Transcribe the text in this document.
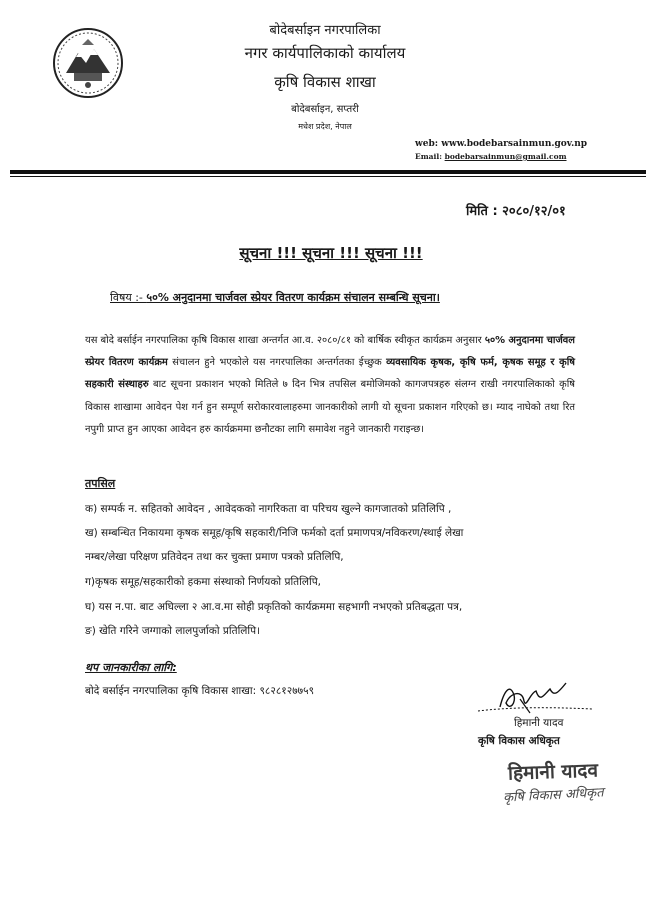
बोदेबर्साइन नगरपालिका
नगर कार्यपालिकाको कार्यालय
कृषि विकास शाखा
बोदेबर्साइन, सप्तरी
मधेश प्रदेश, नेपाल
web: www.bodebarsainmun.gov.np
Email: bodebarsainmun@gmail.com
मिति : २०८०/१२/०१
सूचना !!! सूचना !!! सूचना !!!
विषय :- ५०% अनुदानमा चार्जवल स्प्रेयर वितरण कार्यक्रम संचालन सम्बन्धि सूचना।
यस बोदे बर्साईन नगरपालिका कृषि विकास शाखा अन्तर्गत आ.व. २०८०/८१ को बार्षिक स्वीकृत कार्यक्रम अनुसार ५०% अनुदानमा चार्जवल स्प्रेयर वितरण कार्यक्रम संचालन हुने भएकोले यस नगरपालिका अन्तर्गतका ईच्छुक व्यवसायिक कृषक, कृषि फर्म, कृषक समूह र कृषि सहकारी संस्थाहरु बाट सूचना प्रकाशन भएको मितिले ७ दिन भित्र तपसिल बमोजिमको कागजपत्रहरु संलग्न राखी नगरपालिकाको कृषि विकास शाखामा आवेदन पेश गर्न हुन सम्पूर्ण सरोकारवालाहरुमा जानकारीको लागी यो सूचना प्रकाशन गरिएको छ। म्याद नाघेको तथा रित नपुगी प्राप्त हुन आएका आवेदन हरु कार्यक्रममा छनौटका लागि समावेश नहुने जानकारी गराइन्छ।
तपसिल
क) सम्पर्क न. सहितको आवेदन , आवेदकको नागरिकता वा परिचय खुल्ने कागजातको प्रतिलिपि ,
ख) सम्बन्धित निकायमा कृषक समूह/कृषि सहकारी/निजि फर्मको दर्ता प्रमाणपत्र/नविकरण/स्थाई लेखा
नम्बर/लेखा परिक्षण प्रतिवेदन तथा कर चुक्ता प्रमाण पत्रको प्रतिलिपि,
ग)कृषक समूह/सहकारीको हकमा संस्थाको निर्णयको प्रतिलिपि,
घ) यस न.पा. बाट अघिल्ला २ आ.व.मा सोही प्रकृतिको कार्यक्रममा सहभागी नभएको प्रतिबद्धता पत्र,
ङ) खेति गरिने जग्गाको लालपुर्जाको प्रतिलिपि।
थप जानकारीका लागि:
बोदे बर्साईन नगरपालिका कृषि विकास शाखा: ९८२८१२७७५९
हिमानी यादव
कृषि विकास अधिकृत
हिमानी यादव
कृषि विकास अधिकृत
